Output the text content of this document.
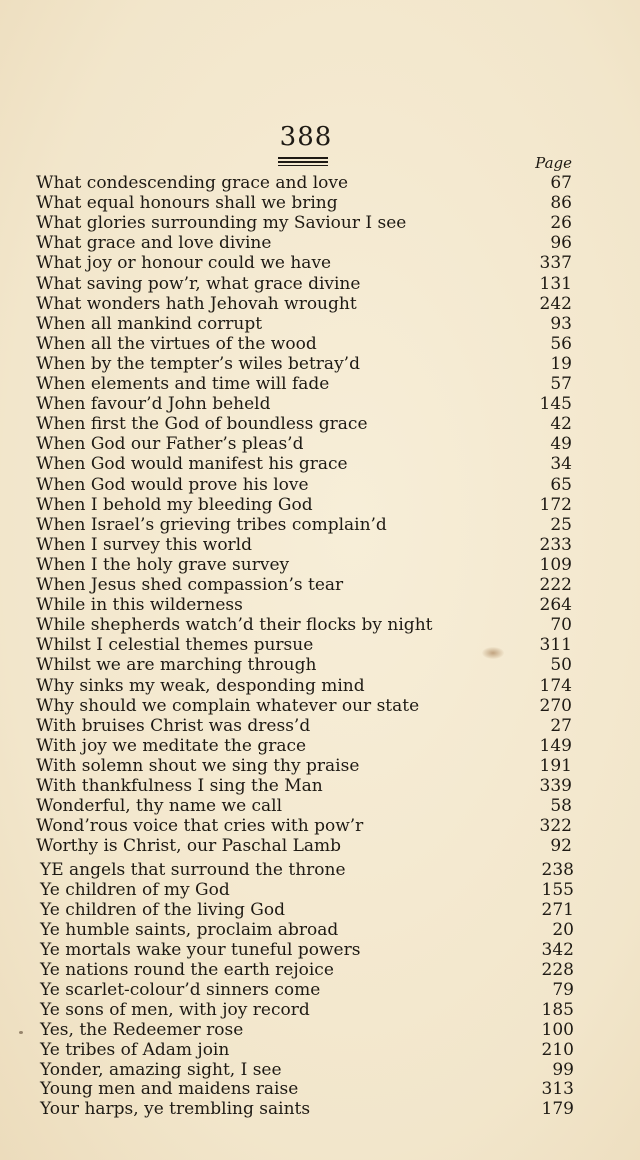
388
Page
What condescending grace and love	67
What equal honours shall we bring	86
What glories surrounding my Saviour I see	26
What grace and love divine	96
What joy or honour could we have	337
What saving pow’r, what grace divine	131
What wonders hath Jehovah wrought	242
When all mankind corrupt	93
When all the virtues of the wood	56
When by the tempter’s wiles betray’d	19
When elements and time will fade	57
When favour’d John beheld	145
When first the God of boundless grace	42
When God our Father’s pleas’d	49
When God would manifest his grace	34
When God would prove his love	65
When I behold my bleeding God	172
When Israel’s grieving tribes complain’d	25
When I survey this world	233
When I the holy grave survey	109
When Jesus shed compassion’s tear	222
While in this wilderness	264
While shepherds watch’d their flocks by night	70
Whilst I celestial themes pursue	311
Whilst we are marching through	50
Why sinks my weak, desponding mind	174
Why should we complain whatever our state	270
With bruises Christ was dress’d	27
With joy we meditate the grace	149
With solemn shout we sing thy praise	191
With thankfulness I sing the Man	339
Wonderful, thy name we call	58
Wond’rous voice that cries with pow’r	322
Worthy is Christ, our Paschal Lamb	92
YE angels that surround the throne	238
Ye children of my God	155
Ye children of the living God	271
Ye humble saints, proclaim abroad	20
Ye mortals wake your tuneful powers	342
Ye nations round the earth rejoice	228
Ye scarlet-colour’d sinners come	79
Ye sons of men, with joy record	185
Yes, the Redeemer rose	100
Ye tribes of Adam join	210
Yonder, amazing sight, I see	99
Young men and maidens raise	313
Your harps, ye trembling saints	179
